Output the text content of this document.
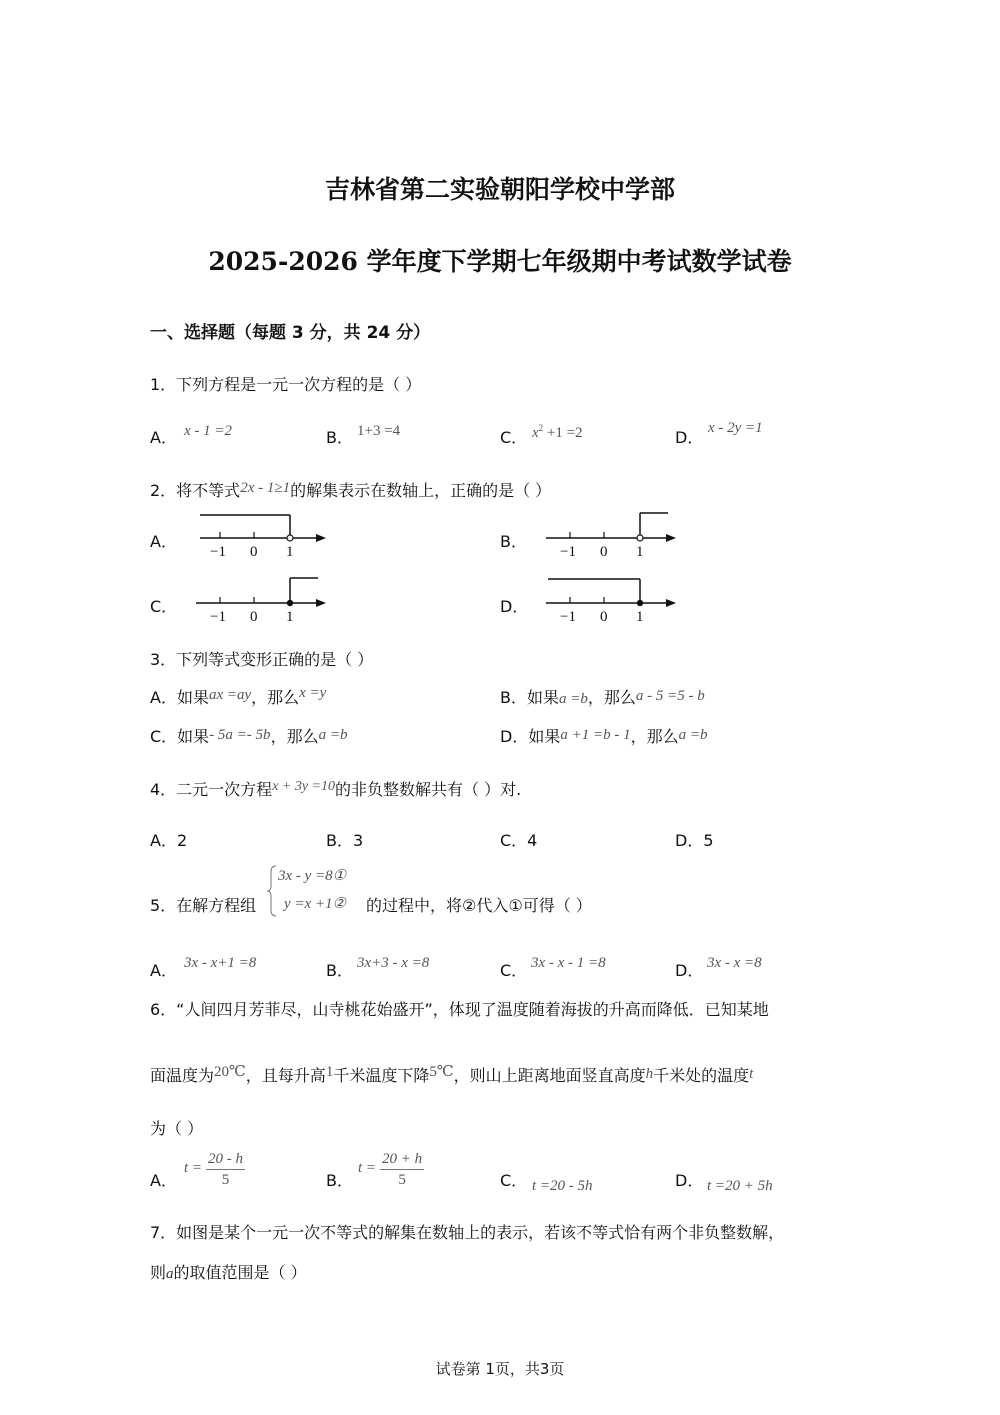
吉林省第二实验朝阳学校中学部
2025-2026 学年度下学期七年级期中考试数学试卷
一、选择题（每题 3 分，共 24 分）
1．下列方程是一元一次方程的是（ ）
A． x - 1 =2	B． 1+3 =4	C． $x^2 +1 =2$	D． x - 2y =1
2．将不等式2x - 1≥1的解集表示在数轴上，正确的是（ ）
A．	B．
C．	D．
−1 0 1	−1 0 1
−1 0 1	−1 0 1
3．下列等式变形正确的是（ ）
A．如果ax =ay，那么x =y	B．如果a =b，那么a - 5 =5 - b
C．如果- 5a =- 5b，那么a =b	D．如果a +1 =b - 1，那么a =b
4．二元一次方程x + 3y =10的非负整数解共有（ ）对.
A．2	B．3	C．4	D．5
5．在解方程组
3x - y =8①
y =x +1② 的过程中，将②代入①可得（ ）
A． 3x - x+1 =8	B． 3x+3 - x =8	C． 3x - x - 1 =8	D． 3x - x =8
6．“人间四月芳菲尽，山寺桃花始盛开”，体现了温度随着海拔的升高而降低．已知某地
面温度为20℃，且每升高1千米温度下降5℃，则山上距离地面竖直高度h千米处的温度t
为（ ）
A．
$t = \frac{20 - h}{5}$	B．
$t = \frac{20 + h}{5}$	C． t =20 - 5h	D． t =20 + 5h
7．如图是某个一元一次不等式的解集在数轴上的表示，若该不等式恰有两个非负整数解，
则a的取值范围是（ ）
试卷第 1页，共3页
